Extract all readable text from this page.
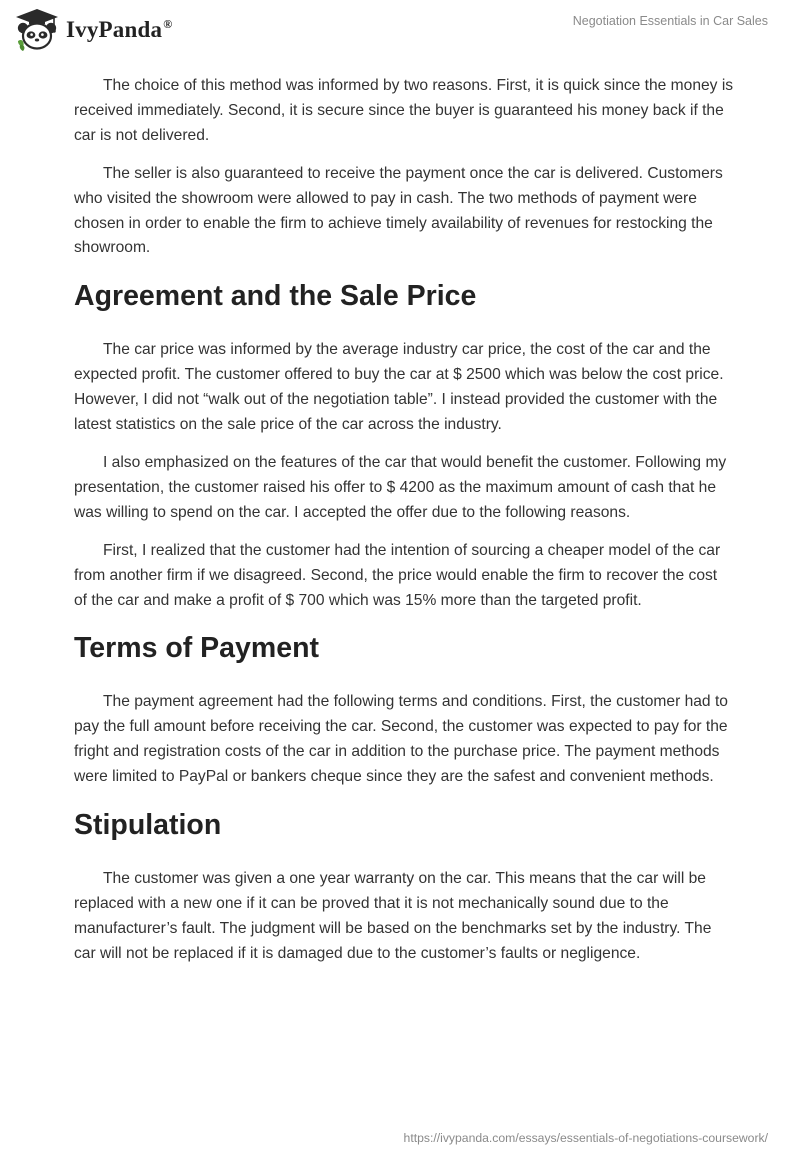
IvyPanda®	Negotiation Essentials in Car Sales

The choice of this method was informed by two reasons. First, it is quick since the money is received immediately. Second, it is secure since the buyer is guaranteed his money back if the car is not delivered.

The seller is also guaranteed to receive the payment once the car is delivered. Customers who visited the showroom were allowed to pay in cash. The two methods of payment were chosen in order to enable the firm to achieve timely availability of revenues for restocking the showroom.

Agreement and the Sale Price

The car price was informed by the average industry car price, the cost of the car and the expected profit. The customer offered to buy the car at $ 2500 which was below the cost price. However, I did not “walk out of the negotiation table”. I instead provided the customer with the latest statistics on the sale price of the car across the industry.

I also emphasized on the features of the car that would benefit the customer. Following my presentation, the customer raised his offer to $ 4200 as the maximum amount of cash that he was willing to spend on the car. I accepted the offer due to the following reasons.

First, I realized that the customer had the intention of sourcing a cheaper model of the car from another firm if we disagreed. Second, the price would enable the firm to recover the cost of the car and make a profit of $ 700 which was 15% more than the targeted profit.

Terms of Payment

The payment agreement had the following terms and conditions. First, the customer had to pay the full amount before receiving the car. Second, the customer was expected to pay for the fright and registration costs of the car in addition to the purchase price. The payment methods were limited to PayPal or bankers cheque since they are the safest and convenient methods.

Stipulation

The customer was given a one year warranty on the car. This means that the car will be replaced with a new one if it can be proved that it is not mechanically sound due to the manufacturer’s fault. The judgment will be based on the benchmarks set by the industry. The car will not be replaced if it is damaged due to the customer’s faults or negligence.

https://ivypanda.com/essays/essentials-of-negotiations-coursework/
